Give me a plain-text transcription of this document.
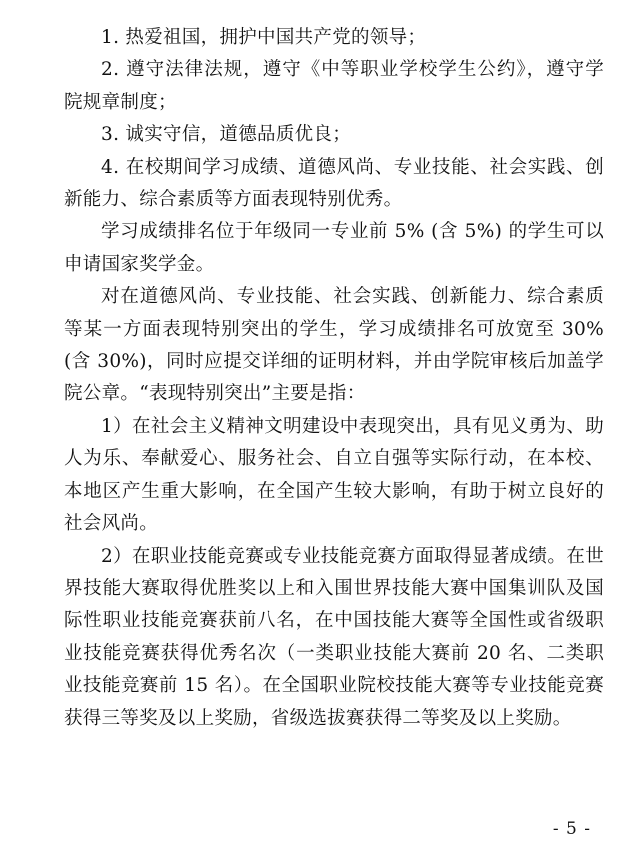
1. 热爱祖国，拥护中国共产党的领导；

2. 遵守法律法规，遵守《中等职业学校学生公约》，遵守学院规章制度；

3. 诚实守信，道德品质优良；

4. 在校期间学习成绩、道德风尚、专业技能、社会实践、创新能力、综合素质等方面表现特别优秀。

学习成绩排名位于年级同一专业前 5% (含 5%) 的学生可以申请国家奖学金。

对在道德风尚、专业技能、社会实践、创新能力、综合素质等某一方面表现特别突出的学生，学习成绩排名可放宽至 30% (含 30%)，同时应提交详细的证明材料，并由学院审核后加盖学院公章。“表现特别突出”主要是指：

1）在社会主义精神文明建设中表现突出，具有见义勇为、助人为乐、奉献爱心、服务社会、自立自强等实际行动，在本校、本地区产生重大影响，在全国产生较大影响，有助于树立良好的社会风尚。

2）在职业技能竞赛或专业技能竞赛方面取得显著成绩。在世界技能大赛取得优胜奖以上和入围世界技能大赛中国集训队及国际性职业技能竞赛获前八名，在中国技能大赛等全国性或省级职业技能竞赛获得优秀名次（一类职业技能大赛前 20 名、二类职业技能竞赛前 15 名）。在全国职业院校技能大赛等专业技能竞赛获得三等奖及以上奖励，省级选拔赛获得二等奖及以上奖励。

- 5 -
